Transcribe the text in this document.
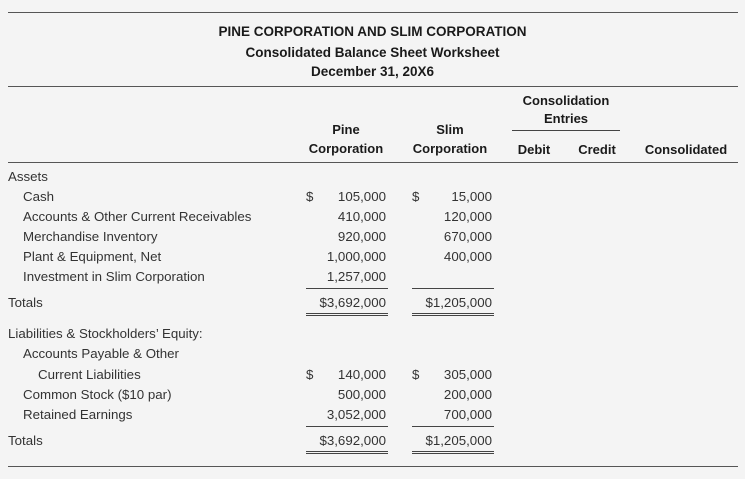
PINE CORPORATION AND SLIM CORPORATION
Consolidated Balance Sheet Worksheet
December 31, 20X6
Pine
Corporation
Slim
Corporation
Consolidation
Entries
Debit	Credit	Consolidated
Assets
Cash	$	105,000 $	15,000
Accounts & Other Current Receivables	410,000	120,000
Merchandise Inventory	920,000	670,000
Plant & Equipment, Net	1,000,000	400,000
Investment in Slim Corporation	1,257,000
Totals	$3,692,000	$1,205,000
Liabilities & Stockholders’ Equity:
Accounts Payable & Other
Current Liabilities	$	140,000 $	305,000
Common Stock ($10 par)	500,000	200,000
Retained Earnings	3,052,000	700,000
Totals	$3,692,000	$1,205,000
